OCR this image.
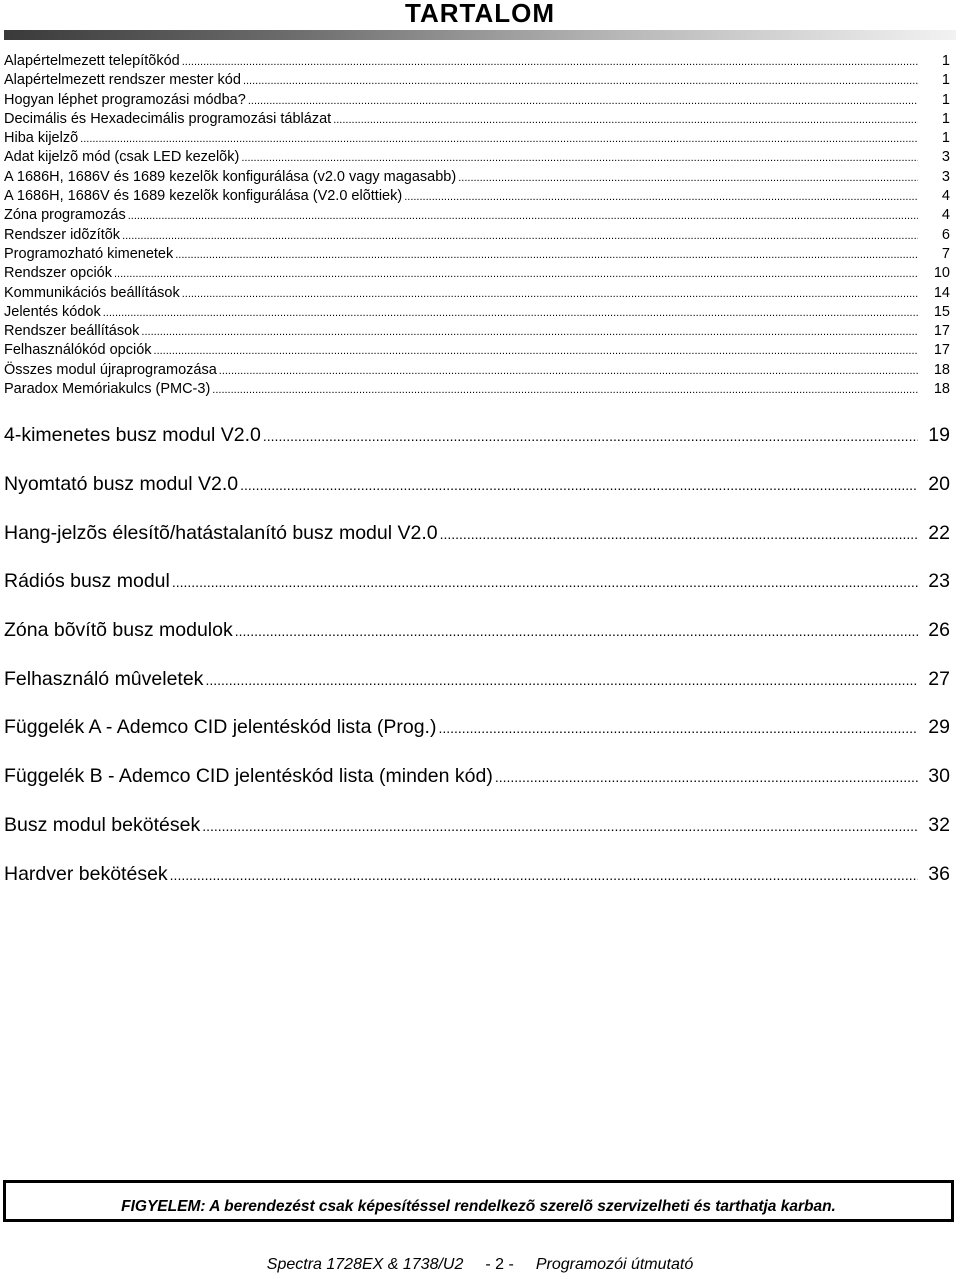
TARTALOM
Alapértelmezett telepítõkód .....	1
Alapértelmezett rendszer mester kód .....	1
Hogyan léphet programozási módba? .....	1
Decimális és Hexadecimális programozási táblázat .....	1
Hiba kijelzõ .....	1
Adat kijelzõ mód (csak LED kezelõk) .....	3
A 1686H, 1686V és 1689 kezelõk konfigurálása (v2.0 vagy magasabb) .....	3
A 1686H, 1686V és 1689 kezelõk konfigurálása (V2.0 elõttiek) .....	4
Zóna programozás .....	4
Rendszer idõzítõk .....	6
Programozható kimenetek .....	7
Rendszer opciók .....	10
Kommunikációs beállítások .....	14
Jelentés kódok .....	15
Rendszer beállítások .....	17
Felhasználókód opciók .....	17
Összes modul újraprogramozása .....	18
Paradox Memóriakulcs (PMC-3) .....	18
4-kimenetes busz modul V2.0 .....	19
Nyomtató busz modul V2.0 .....	20
Hang-jelzõs élesítõ/hatástalanító busz modul V2.0 .....	22
Rádiós busz modul .....	23
Zóna bõvítõ busz modulok .....	26
Felhasználó mûveletek .....	27
Függelék A - Ademco CID jelentéskód lista (Prog.) .....	29
Függelék B - Ademco CID jelentéskód lista (minden kód) .....	30
Busz modul bekötések .....	32
Hardver bekötések .....	36
FIGYELEM: A berendezést csak képesítéssel rendelkezõ szerelõ szervizelheti és tarthatja karban.
Spectra 1728EX & 1738/U2 - 2 - Programozói útmutató
